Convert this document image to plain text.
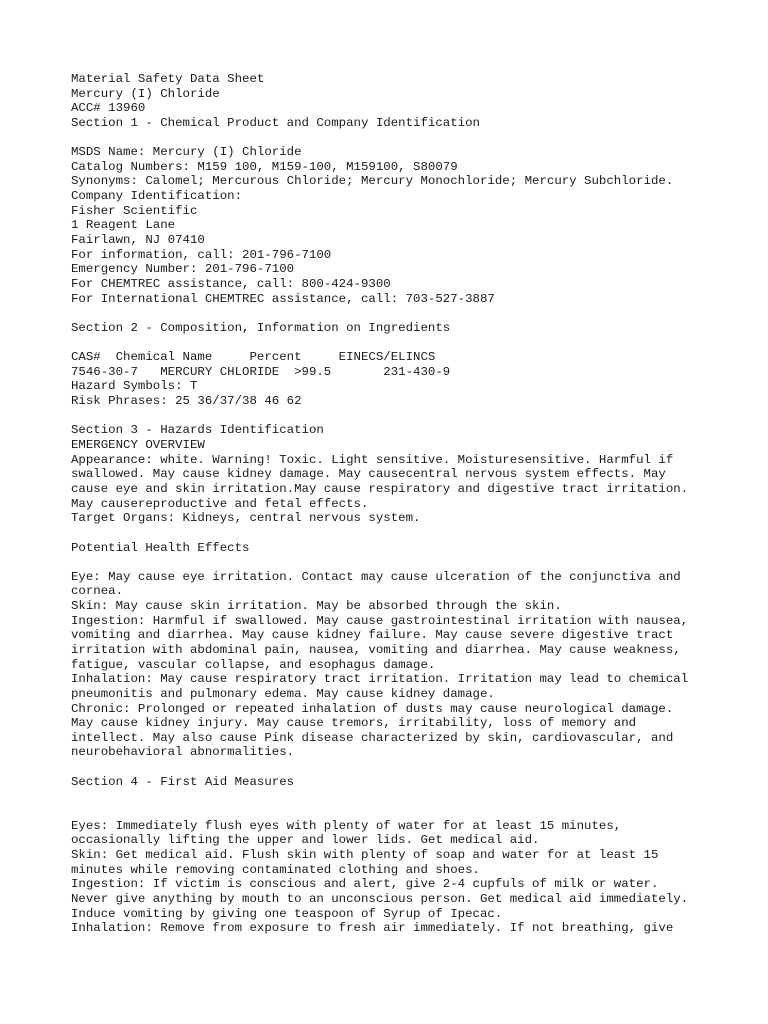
Material Safety Data Sheet
Mercury (I) Chloride
ACC# 13960
Section 1 - Chemical Product and Company Identification
MSDS Name: Mercury (I) Chloride
Catalog Numbers: M159 100, M159-100, M159100, S80079
Synonyms: Calomel; Mercurous Chloride; Mercury Monochloride; Mercury Subchloride.
Company Identification:
Fisher Scientific
1 Reagent Lane
Fairlawn, NJ 07410
For information, call: 201-796-7100
Emergency Number: 201-796-7100
For CHEMTREC assistance, call: 800-424-9300
For International CHEMTREC assistance, call: 703-527-3887
Section 2 - Composition, Information on Ingredients
CAS#  Chemical Name     Percent     EINECS/ELINCS
7546-30-7   MERCURY CHLORIDE  >99.5       231-430-9
Hazard Symbols: T
Risk Phrases: 25 36/37/38 46 62
Section 3 - Hazards Identification
EMERGENCY OVERVIEW
Appearance: white. Warning! Toxic. Light sensitive. Moisturesensitive. Harmful if
swallowed. May cause kidney damage. May causecentral nervous system effects. May
cause eye and skin irritation.May cause respiratory and digestive tract irritation.
May causereproductive and fetal effects.
Target Organs: Kidneys, central nervous system.
Potential Health Effects
Eye: May cause eye irritation. Contact may cause ulceration of the conjunctiva and
cornea.
Skin: May cause skin irritation. May be absorbed through the skin.
Ingestion: Harmful if swallowed. May cause gastrointestinal irritation with nausea,
vomiting and diarrhea. May cause kidney failure. May cause severe digestive tract
irritation with abdominal pain, nausea, vomiting and diarrhea. May cause weakness,
fatigue, vascular collapse, and esophagus damage.
Inhalation: May cause respiratory tract irritation. Irritation may lead to chemical
pneumonitis and pulmonary edema. May cause kidney damage.
Chronic: Prolonged or repeated inhalation of dusts may cause neurological damage.
May cause kidney injury. May cause tremors, irritability, loss of memory and
intellect. May also cause Pink disease characterized by skin, cardiovascular, and
neurobehavioral abnormalities.
Section 4 - First Aid Measures
Eyes: Immediately flush eyes with plenty of water for at least 15 minutes,
occasionally lifting the upper and lower lids. Get medical aid.
Skin: Get medical aid. Flush skin with plenty of soap and water for at least 15
minutes while removing contaminated clothing and shoes.
Ingestion: If victim is conscious and alert, give 2-4 cupfuls of milk or water.
Never give anything by mouth to an unconscious person. Get medical aid immediately.
Induce vomiting by giving one teaspoon of Syrup of Ipecac.
Inhalation: Remove from exposure to fresh air immediately. If not breathing, give
